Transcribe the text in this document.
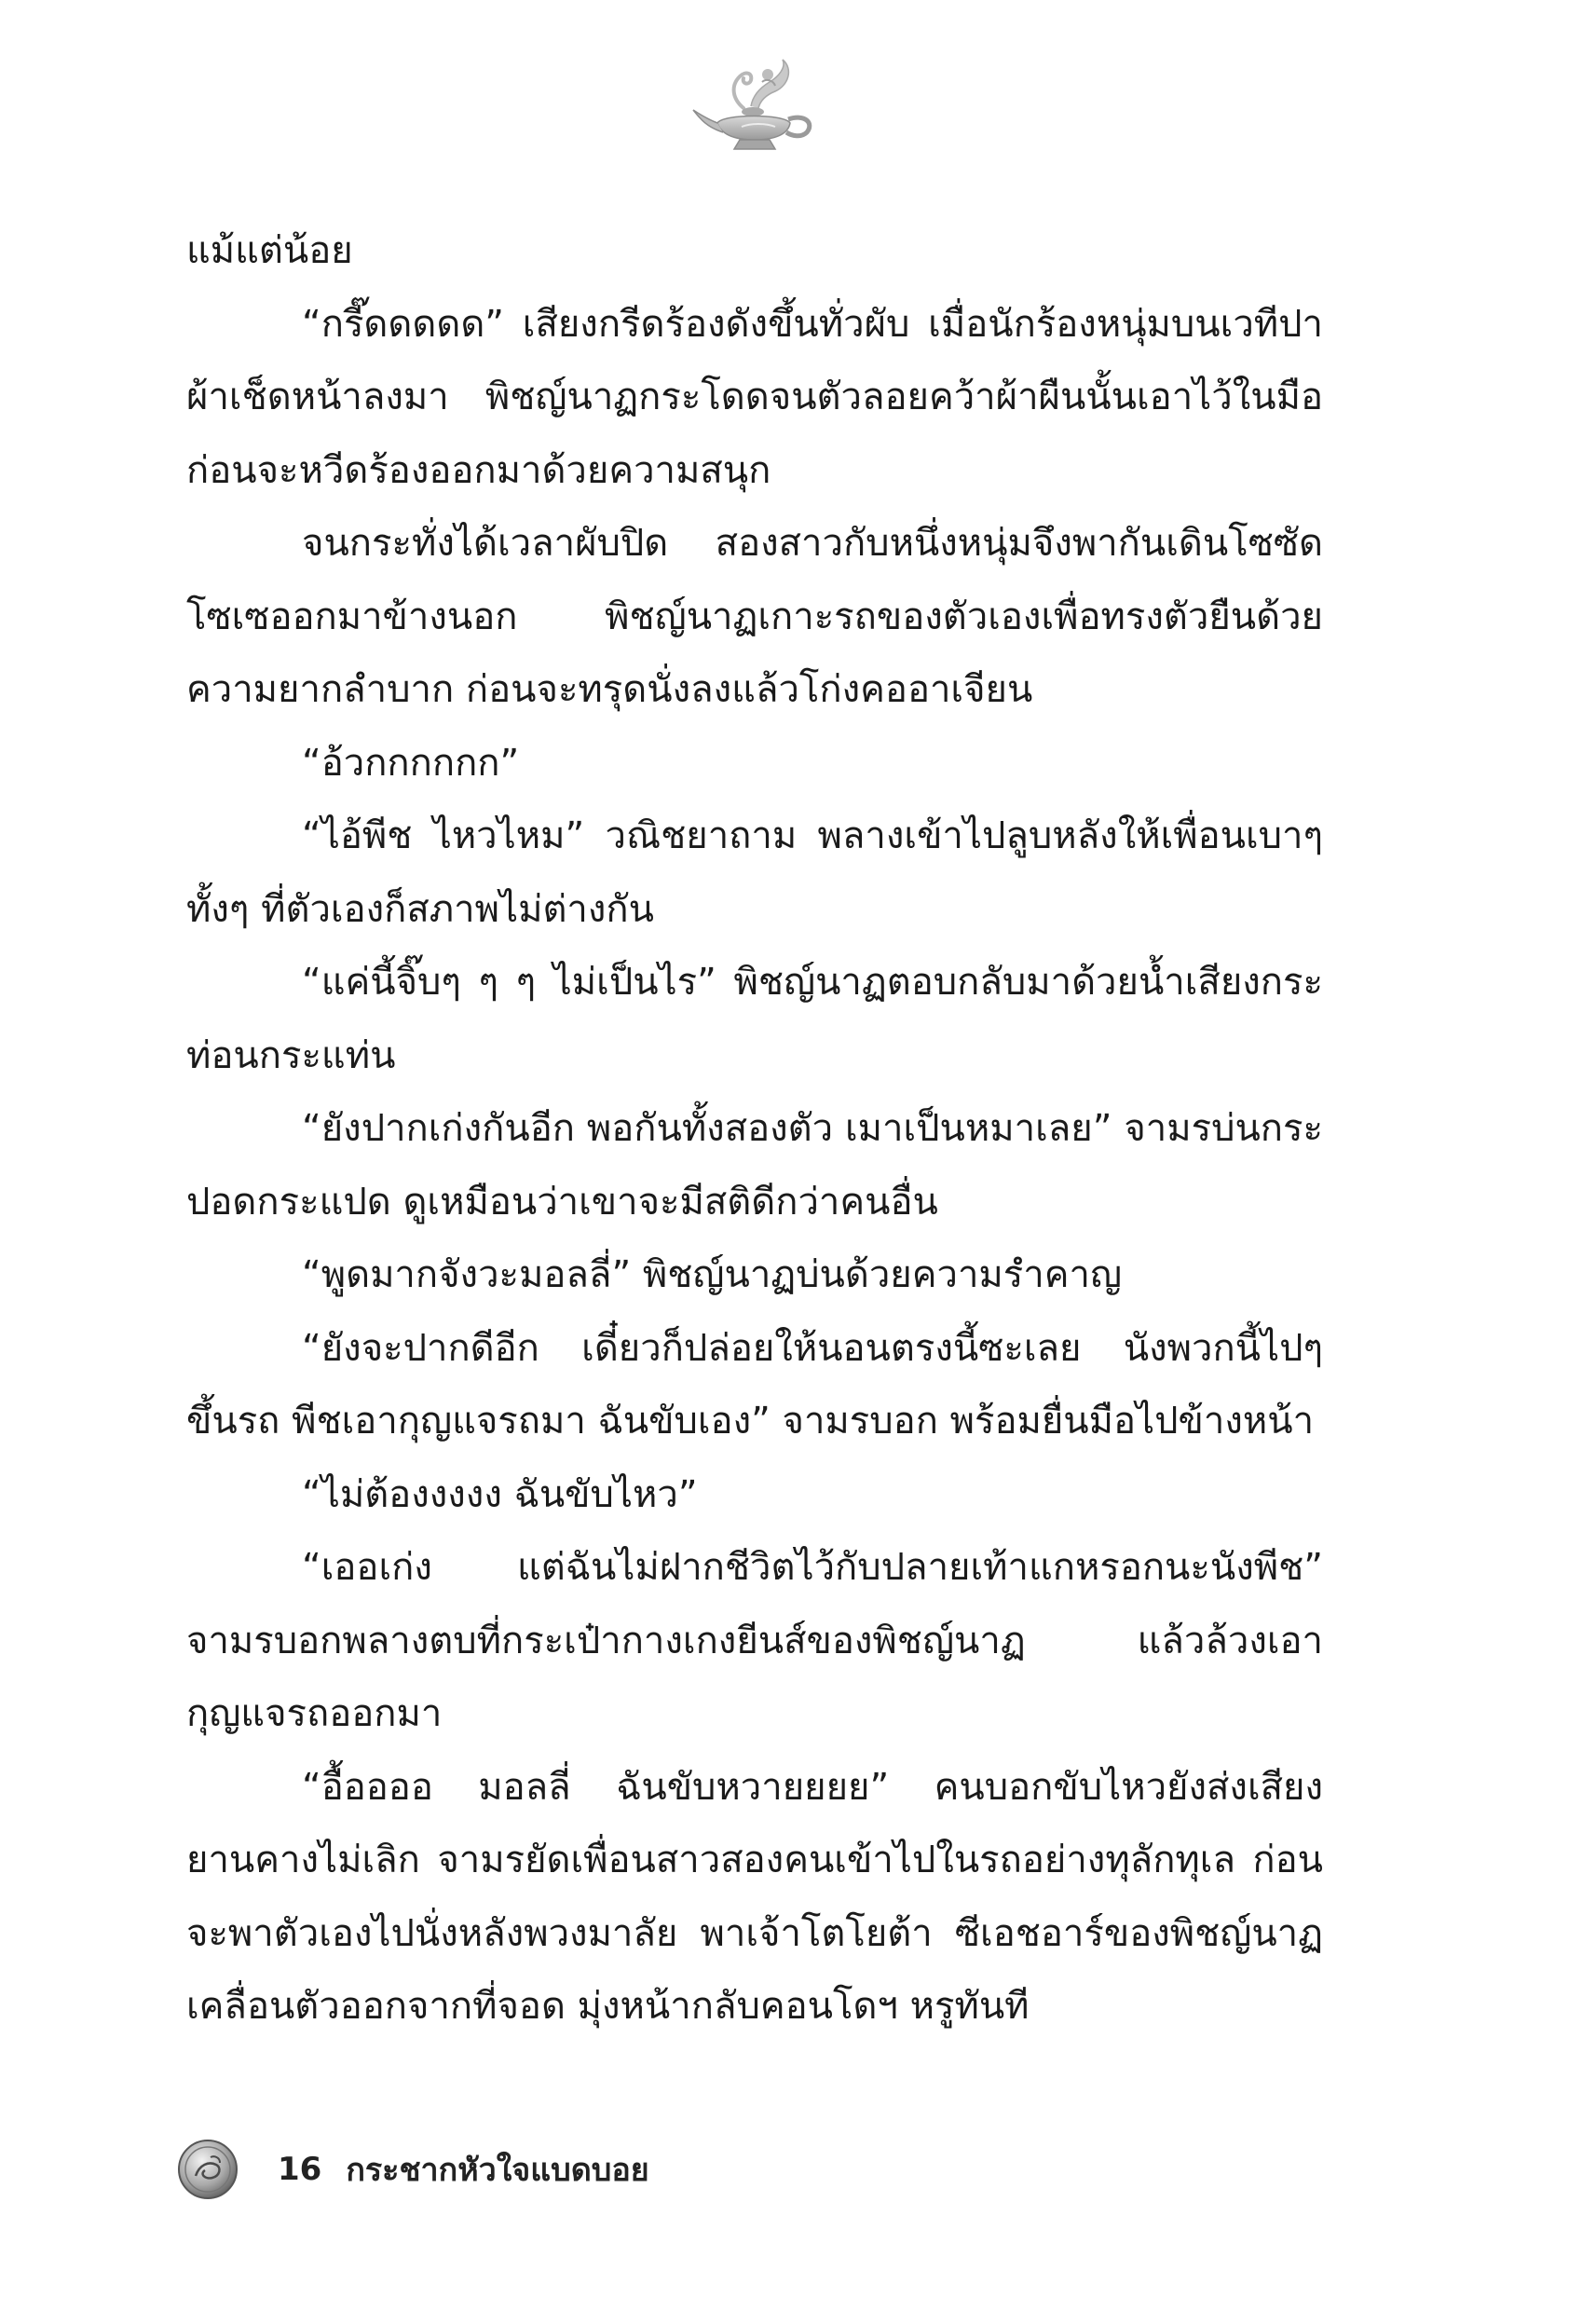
แม้แต่น้อย

“กรี๊ดดดดด” เสียงกรีดร้องดังขึ้นทั่วผับ เมื่อนักร้องหนุ่มบนเวทีปาผ้าเช็ดหน้าลงมา พิชญ์นาฏกระโดดจนตัวลอยคว้าผ้าผืนนั้นเอาไว้ในมือ ก่อนจะหวีดร้องออกมาด้วยความสนุก

จนกระทั่งได้เวลาผับปิด สองสาวกับหนึ่งหนุ่มจึงพากันเดินโซซัดโซเซออกมาข้างนอก พิชญ์นาฏเกาะรถของตัวเองเพื่อทรงตัวยืนด้วยความยากลำบาก ก่อนจะทรุดนั่งลงแล้วโก่งคออาเจียน

“อ้วกกกกกก”

“ไอ้พีช ไหวไหม” วณิชยาถาม พลางเข้าไปลูบหลังให้เพื่อนเบาๆ ทั้งๆ ที่ตัวเองก็สภาพไม่ต่างกัน

“แค่นี้จิ๊บๆ ๆ ๆ ไม่เป็นไร” พิชญ์นาฏตอบกลับมาด้วยน้ำเสียงกระท่อนกระแท่น

“ยังปากเก่งกันอีก พอกันทั้งสองตัว เมาเป็นหมาเลย” จามรบ่นกระปอดกระแปด ดูเหมือนว่าเขาจะมีสติดีกว่าคนอื่น

“พูดมากจังวะมอลลี่” พิชญ์นาฏบ่นด้วยความรำคาญ

“ยังจะปากดีอีก เดี๋ยวก็ปล่อยให้นอนตรงนี้ซะเลย นังพวกนี้ไปๆ ขึ้นรถ พีชเอากุญแจรถมา ฉันขับเอง” จามรบอก พร้อมยื่นมือไปข้างหน้า

“ไม่ต้องงงงง ฉันขับไหว”

“เออเก่ง แต่ฉันไม่ฝากชีวิตไว้กับปลายเท้าแกหรอกนะนังพีช” จามรบอกพลางตบที่กระเป๋ากางเกงยีนส์ของพิชญ์นาฏ แล้วล้วงเอากุญแจรถออกมา

“อื้ออออ มอลลี่ ฉันขับหวายยยย” คนบอกขับไหวยังส่งเสียงยานคางไม่เลิก จามรยัดเพื่อนสาวสองคนเข้าไปในรถอย่างทุลักทุเล ก่อนจะพาตัวเองไปนั่งหลังพวงมาลัย พาเจ้าโตโยต้า ซีเอชอาร์ของพิชญ์นาฏเคลื่อนตัวออกจากที่จอด มุ่งหน้ากลับคอนโดฯ หรูทันที

16 กระชากหัวใจแบดบอย
